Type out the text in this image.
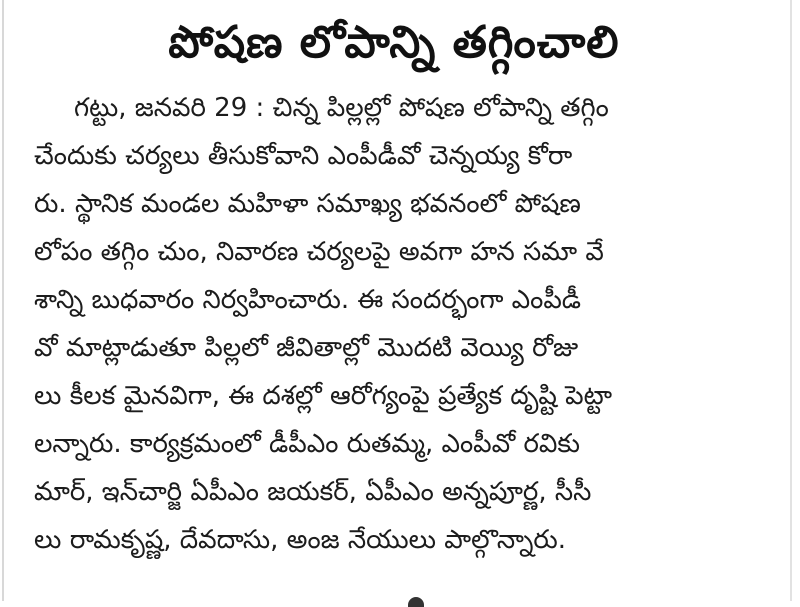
పోషణ లోపాన్ని తగ్గించాలి
గట్టు, జనవరి 29 : చిన్న పిల్లల్లో పోషణ లోపాన్ని తగ్గిం
చేందుకు చర్యలు తీసుకోవాని ఎంపీడీవో చెన్నయ్య కోరా
రు. స్థానిక మండల మహిళా సమాఖ్య భవనంలో పోషణ
లోపం తగ్గిం చుం, నివారణ చర్యలపై అవగా హన సమా వే
శాన్ని బుధవారం నిర్వహించారు. ఈ సందర్భంగా ఎంపీడీ
వో మాట్లాడుతూ పిల్లలో జీవితాల్లో మొదటి వెయ్యి రోజు
లు కీలక మైనవిగా, ఈ దశల్లో ఆరోగ్యంపై ప్రత్యేక దృష్టి పెట్టా
లన్నారు. కార్యక్రమంలో డీపీఎం రుతమ్మ, ఎంపీవో రవికు
మార్, ఇన్‌చార్జి ఏపీఎం జయకర్, ఏపీఎం అన్నపూర్ణ, సీసీ
లు రామకృష్ణ, దేవదాసు, అంజ నేయులు పాల్గొన్నారు.
